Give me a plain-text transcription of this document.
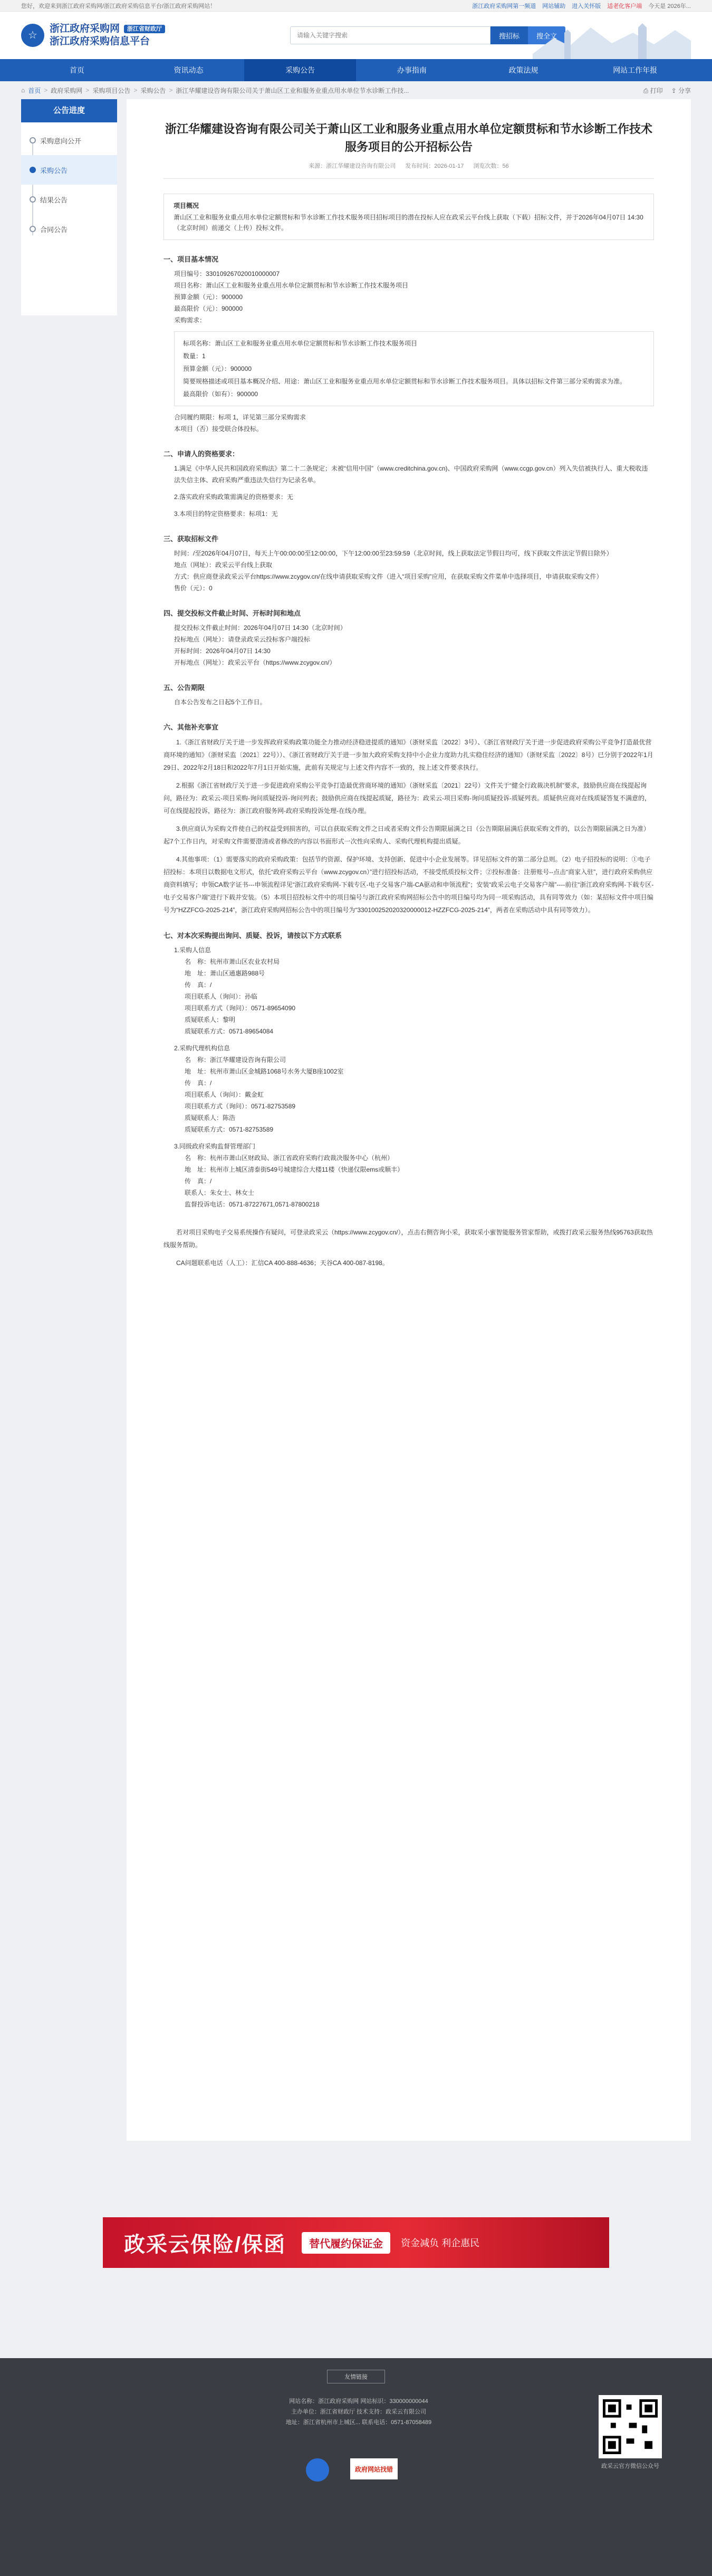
您好，欢迎来到浙江政府采购网/浙江政府采购信息平台/浙江政府采购网站！	浙江政府采购网第一频道 网站辅助 进入关怀版 适老化客户端 今天是 2026年...
☆
浙江政府采购网 浙江省财政厅
浙江政府采购信息平台
请输入关键字搜索	搜招标	搜全文
首页	资讯动态	采购公告	办事指南	政策法规	网站工作年报
⌂ 首页 > 政府采购网 > 采购项目公告 > 采购公告 > 浙江华耀建设咨询有限公司关于萧山区工业和服务业重点用水单位节水诊断工作技...	⎙ 打印 ⇪ 分享
公告进度
采购意向公开
采购公告
结果公告
合同公告
浙江华耀建设咨询有限公司关于萧山区工业和服务业重点用水单位定额贯标和节水诊断工作技术服务项目的公开招标公告
来源：浙江华耀建设咨询有限公司 发布时间：2026-01-17 浏览次数：56
项目概况
萧山区工业和服务业重点用水单位定额贯标和节水诊断工作技术服务项目招标项目的潜在投标人应在政采云平台线上获取（下载）招标文件，并于2026年04月07日 14:30（北京时间）前递交（上传）投标文件。
一、项目基本情况
项目编号：330109267020010000007
项目名称：萧山区工业和服务业重点用水单位定额贯标和节水诊断工作技术服务项目
预算金额（元）：900000
最高限价（元）：900000
采购需求：
标项名称：萧山区工业和服务业重点用水单位定额贯标和节水诊断工作技术服务项目
数量：1
预算金额（元）：900000
简要规格描述或项目基本概况介绍、用途：萧山区工业和服务业重点用水单位定额贯标和节水诊断工作技术服务项目。具体以招标文件第三部分采购需求为准。
最高限价（如有）：900000
合同履约期限：标项 1，详见第三部分采购需求
本项目（否）接受联合体投标。
二、申请人的资格要求：
1.满足《中华人民共和国政府采购法》第二十二条规定；未被“信用中国”（www.creditchina.gov.cn)、中国政府采购网（www.ccgp.gov.cn）列入失信被执行人、重大税收违法失信主体、政府采购严重违法失信行为记录名单。
2.落实政府采购政策需满足的资格要求：无
3.本项目的特定资格要求：标项1：无
三、获取招标文件
时间：/至2026年04月07日，每天上午00:00:00至12:00:00，下午12:00:00至23:59:59（北京时间，线上获取法定节假日均可，线下获取文件法定节假日除外）
地点（网址）：政采云平台线上获取
方式：供应商登录政采云平台https://www.zcygov.cn/在线申请获取采购文件（进入“项目采购”应用，在获取采购文件菜单中选择项目，申请获取采购文件）
售价（元）：0
四、提交投标文件截止时间、开标时间和地点
提交投标文件截止时间：2026年04月07日 14:30（北京时间）
投标地点（网址）：请登录政采云投标客户端投标
开标时间：2026年04月07日 14:30
开标地点（网址）：政采云平台（https://www.zcygov.cn/）
五、公告期限
自本公告发布之日起5个工作日。
六、其他补充事宜
1.《浙江省财政厅关于进一步发挥政府采购政策功能全力推动经济稳进提质的通知》（浙财采监〔2022〕3号）、《浙江省财政厅关于进一步促进政府采购公平竞争打造最优营商环境的通知》（浙财采监〔2021〕22号））、《浙江省财政厅关于进一步加大政府采购支持中小企业力度助力扎实稳住经济的通知》（浙财采监〔2022〕8号）已分别于2022年1月29日、2022年2月18日和2022年7月1日开始实施，此前有关规定与上述文件内容不一致的，按上述文件要求执行。
2.根据《浙江省财政厅关于进一步促进政府采购公平竞争打造最优营商环境的通知》（浙财采监〔2021〕22号）文件关于“健全行政裁决机制”要求，鼓励供应商在线提起询问，路径为：政采云-项目采购-询问质疑投诉-询问列表；鼓励供应商在线提起质疑，路径为：政采云-项目采购-询问质疑投诉-质疑列表。质疑供应商对在线质疑答复不满意的，可在线提起投诉，路径为：浙江政府服务网-政府采购投诉处理-在线办理。
3.供应商认为采购文件使自己的权益受到损害的，可以自获取采购文件之日或者采购文件公告期限届满之日（公告期限届满后获取采购文件的，以公告期限届满之日为准）起7个工作日内，对采购文件需要澄清或者修改的内容以书面形式一次性向采购人、采购代理机构提出质疑。
4.其他事项：（1）需要落实的政府采购政策：包括节约资源、保护环境、支持创新、促进中小企业发展等。详见招标文件的第二部分总则。（2）电子招投标的说明：①电子招投标：本项目以数据电文形式，依托“政府采购云平台（www.zcygov.cn）”进行招投标活动，不接受纸质投标文件；②投标准备：注册账号--点击“商家入驻”，进行政府采购供应商资料填写；申领CA数字证书---申领流程详见“浙江政府采购网-下载专区-电子交易客户端-CA驱动和申领流程”；安装“政采云电子交易客户端”----前往“浙江政府采购网-下载专区-电子交易客户端”进行下载并安装。（5）本项目招投标文件中的项目编号与浙江政府采购网招标公告中的项目编号均为同一项采购活动，具有同等效力（如：某招标文件中项目编号为“HZZFCG-2025-214”，浙江政府采购网招标公告中的项目编号为“330100252020320000012-HZZFCG-2025-214”，两者在采购活动中具有同等效力）。
七、对本次采购提出询问、质疑、投诉，请按以下方式联系
1.采购人信息
名　称：杭州市萧山区农业农村局
地　址：萧山区通惠路988号
传　真：/
项目联系人（询问）：孙临
项目联系方式（询问）：0571-89654090
质疑联系人：黎明
质疑联系方式：0571-89654084
2.采购代理机构信息
名　称：浙江华耀建设咨询有限公司
地　址：杭州市萧山区金城路1068号水务大厦B座1002室
传　真：/
项目联系人（询问）：戴金虹
项目联系方式（询问）：0571-82753589
质疑联系人：陈浩
质疑联系方式：0571-82753589
3.同级政府采购监督管理部门
名　称：杭州市萧山区财政局、浙江省政府采购行政裁决服务中心（杭州）
地　址：杭州市上城区清泰街549号城建综合大楼11楼（快递仅限ems或顺丰）
传　真：/
联系人：朱女士、林女士
监督投诉电话：0571-87227671,0571-87800218
若对项目采购电子交易系统操作有疑问，可登录政采云（https://www.zcygov.cn/），点击右侧咨询小采，获取采小蜜智能服务管家帮助，或拨打政采云服务热线95763获取热线服务帮助。
CA问题联系电话（人工）：汇信CA 400-888-4636；天谷CA 400-087-8198。
政采云保险/保函	替代履约保证金	资金减负 利企惠民
友情链接
网站名称：浙江政府采购网 网站标识：330000000044
主办单位：浙江省财政厅 技术支持：政采云有限公司
地址：浙江省杭州市上城区... 联系电话：0571-87058489
政府网站找错	政采云官方微信公众号
